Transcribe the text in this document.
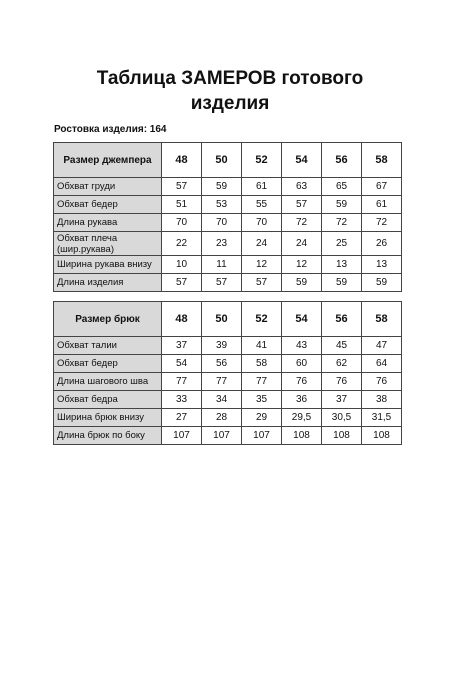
Таблица ЗАМЕРОВ готового
изделия
Ростовка изделия: 164
Размер джемпера	48	50	52	54	56	58
Обхват груди	57	59	61	63	65	67
Обхват бедер	51	53	55	57	59	61
Длина рукава	70	70	70	72	72	72
Обхват плеча (шир.рукава)	22	23	24	24	25	26
Ширина рукава внизу	10	11	12	12	13	13
Длина изделия	57	57	57	59	59	59
Размер брюк	48	50	52	54	56	58
Обхват талии	37	39	41	43	45	47
Обхват бедер	54	56	58	60	62	64
Длина шагового шва	77	77	77	76	76	76
Обхват бедра	33	34	35	36	37	38
Ширина брюк внизу	27	28	29	29,5	30,5	31,5
Длина брюк по боку	107	107	107	108	108	108
